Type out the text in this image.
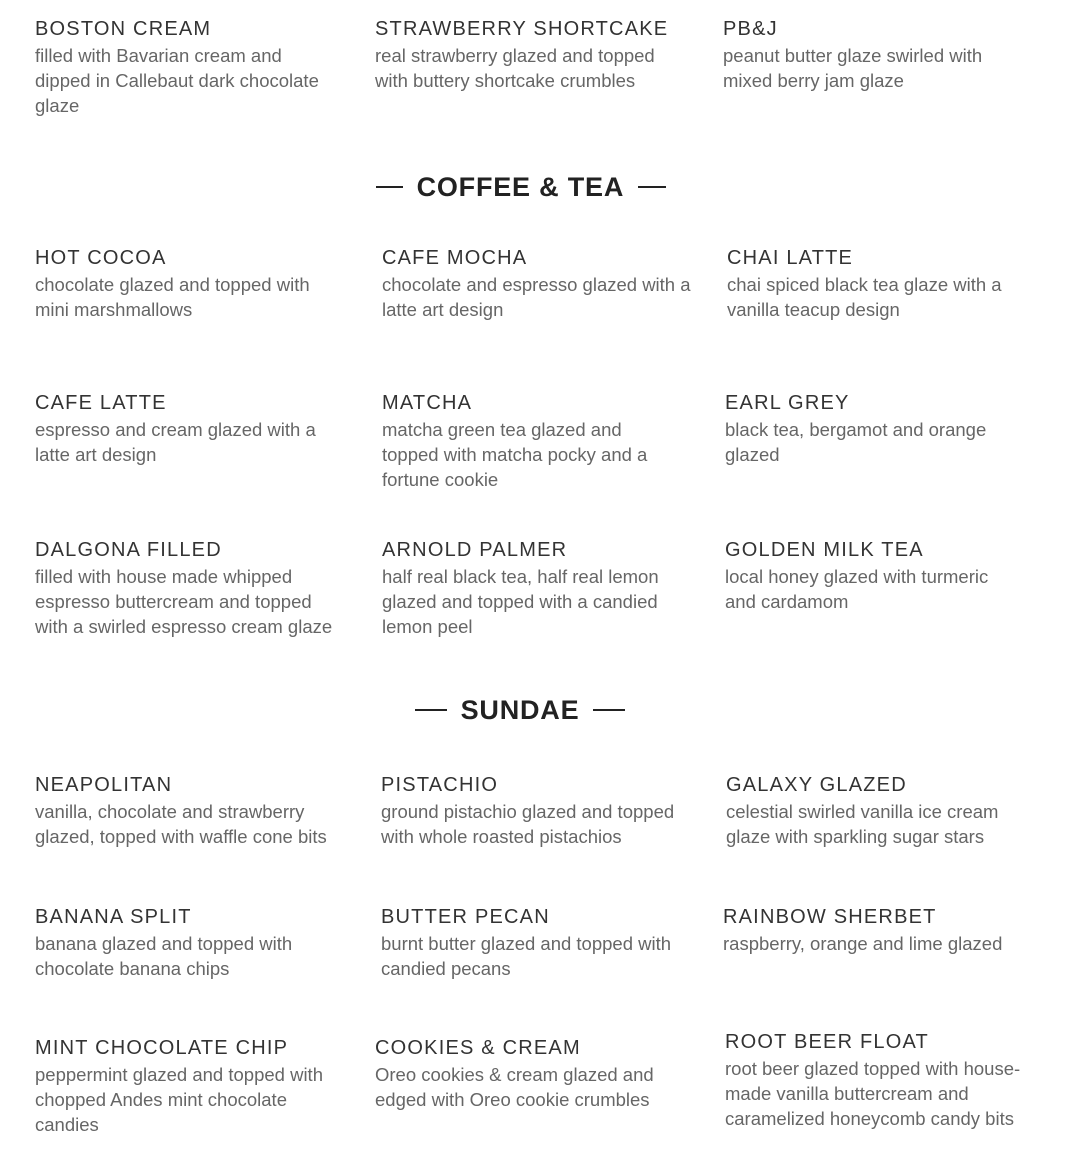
BOSTON CREAM
filled with Bavarian cream and dipped in Callebaut dark chocolate glaze
STRAWBERRY SHORTCAKE
real strawberry glazed and topped with buttery shortcake crumbles
PB&J
peanut butter glaze swirled with mixed berry jam glaze
COFFEE & TEA
HOT COCOA
chocolate glazed and topped with mini marshmallows
CAFE MOCHA
chocolate and espresso glazed with a latte art design
CHAI LATTE
chai spiced black tea glaze with a vanilla teacup design
CAFE LATTE
espresso and cream glazed with a latte art design
MATCHA
matcha green tea glazed and topped with matcha pocky and a fortune cookie
EARL GREY
black tea, bergamot and orange glazed
DALGONA FILLED
filled with house made whipped espresso buttercream and topped with a swirled espresso cream glaze
ARNOLD PALMER
half real black tea, half real lemon glazed and topped with a candied lemon peel
GOLDEN MILK TEA
local honey glazed with turmeric and cardamom
SUNDAE
NEAPOLITAN
vanilla, chocolate and strawberry glazed, topped with waffle cone bits
PISTACHIO
ground pistachio glazed and topped with whole roasted pistachios
GALAXY GLAZED
celestial swirled vanilla ice cream glaze with sparkling sugar stars
BANANA SPLIT
banana glazed and topped with chocolate banana chips
BUTTER PECAN
burnt butter glazed and topped with candied pecans
RAINBOW SHERBET
raspberry, orange and lime glazed
MINT CHOCOLATE CHIP
peppermint glazed and topped with chopped Andes mint chocolate candies
COOKIES & CREAM
Oreo cookies & cream glazed and edged with Oreo cookie crumbles
ROOT BEER FLOAT
root beer glazed topped with house-made vanilla buttercream and caramelized honeycomb candy bits
